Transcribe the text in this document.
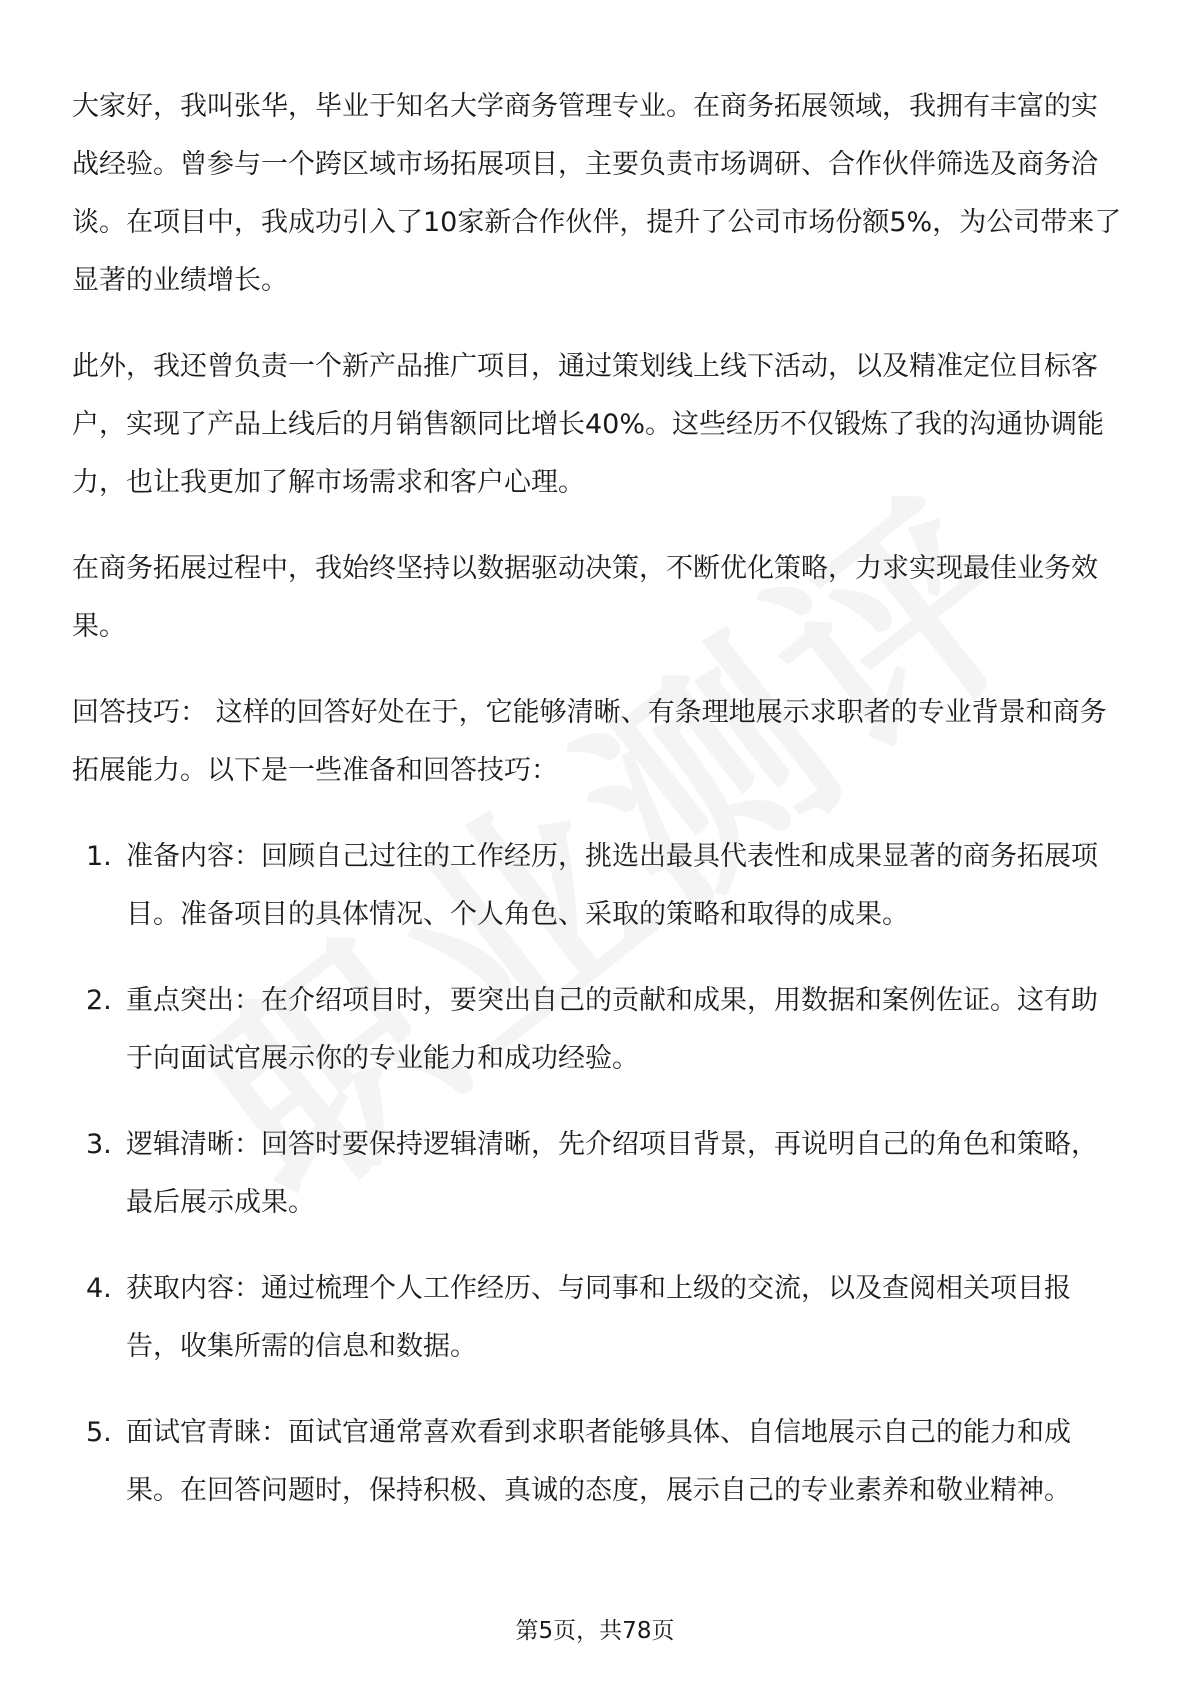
大家好，我叫张华，毕业于知名大学商务管理专业。在商务拓展领域，我拥有丰富的实战经验。曾参与一个跨区域市场拓展项目，主要负责市场调研、合作伙伴筛选及商务洽谈。在项目中，我成功引入了10家新合作伙伴，提升了公司市场份额5%，为公司带来了显著的业绩增长。

此外，我还曾负责一个新产品推广项目，通过策划线上线下活动，以及精准定位目标客户，实现了产品上线后的月销售额同比增长40%。这些经历不仅锻炼了我的沟通协调能力，也让我更加了解市场需求和客户心理。

在商务拓展过程中，我始终坚持以数据驱动决策，不断优化策略，力求实现最佳业务效果。

回答技巧： 这样的回答好处在于，它能够清晰、有条理地展示求职者的专业背景和商务拓展能力。以下是一些准备和回答技巧：

1. 准备内容：回顾自己过往的工作经历，挑选出最具代表性和成果显著的商务拓展项目。准备项目的具体情况、个人角色、采取的策略和取得的成果。
2. 重点突出：在介绍项目时，要突出自己的贡献和成果，用数据和案例佐证。这有助于向面试官展示你的专业能力和成功经验。
3. 逻辑清晰：回答时要保持逻辑清晰，先介绍项目背景，再说明自己的角色和策略，最后展示成果。
4. 获取内容：通过梳理个人工作经历、与同事和上级的交流，以及查阅相关项目报告，收集所需的信息和数据。
5. 面试官青睐：面试官通常喜欢看到求职者能够具体、自信地展示自己的能力和成果。在回答问题时，保持积极、真诚的态度，展示自己的专业素养和敬业精神。
第5页，共78页
